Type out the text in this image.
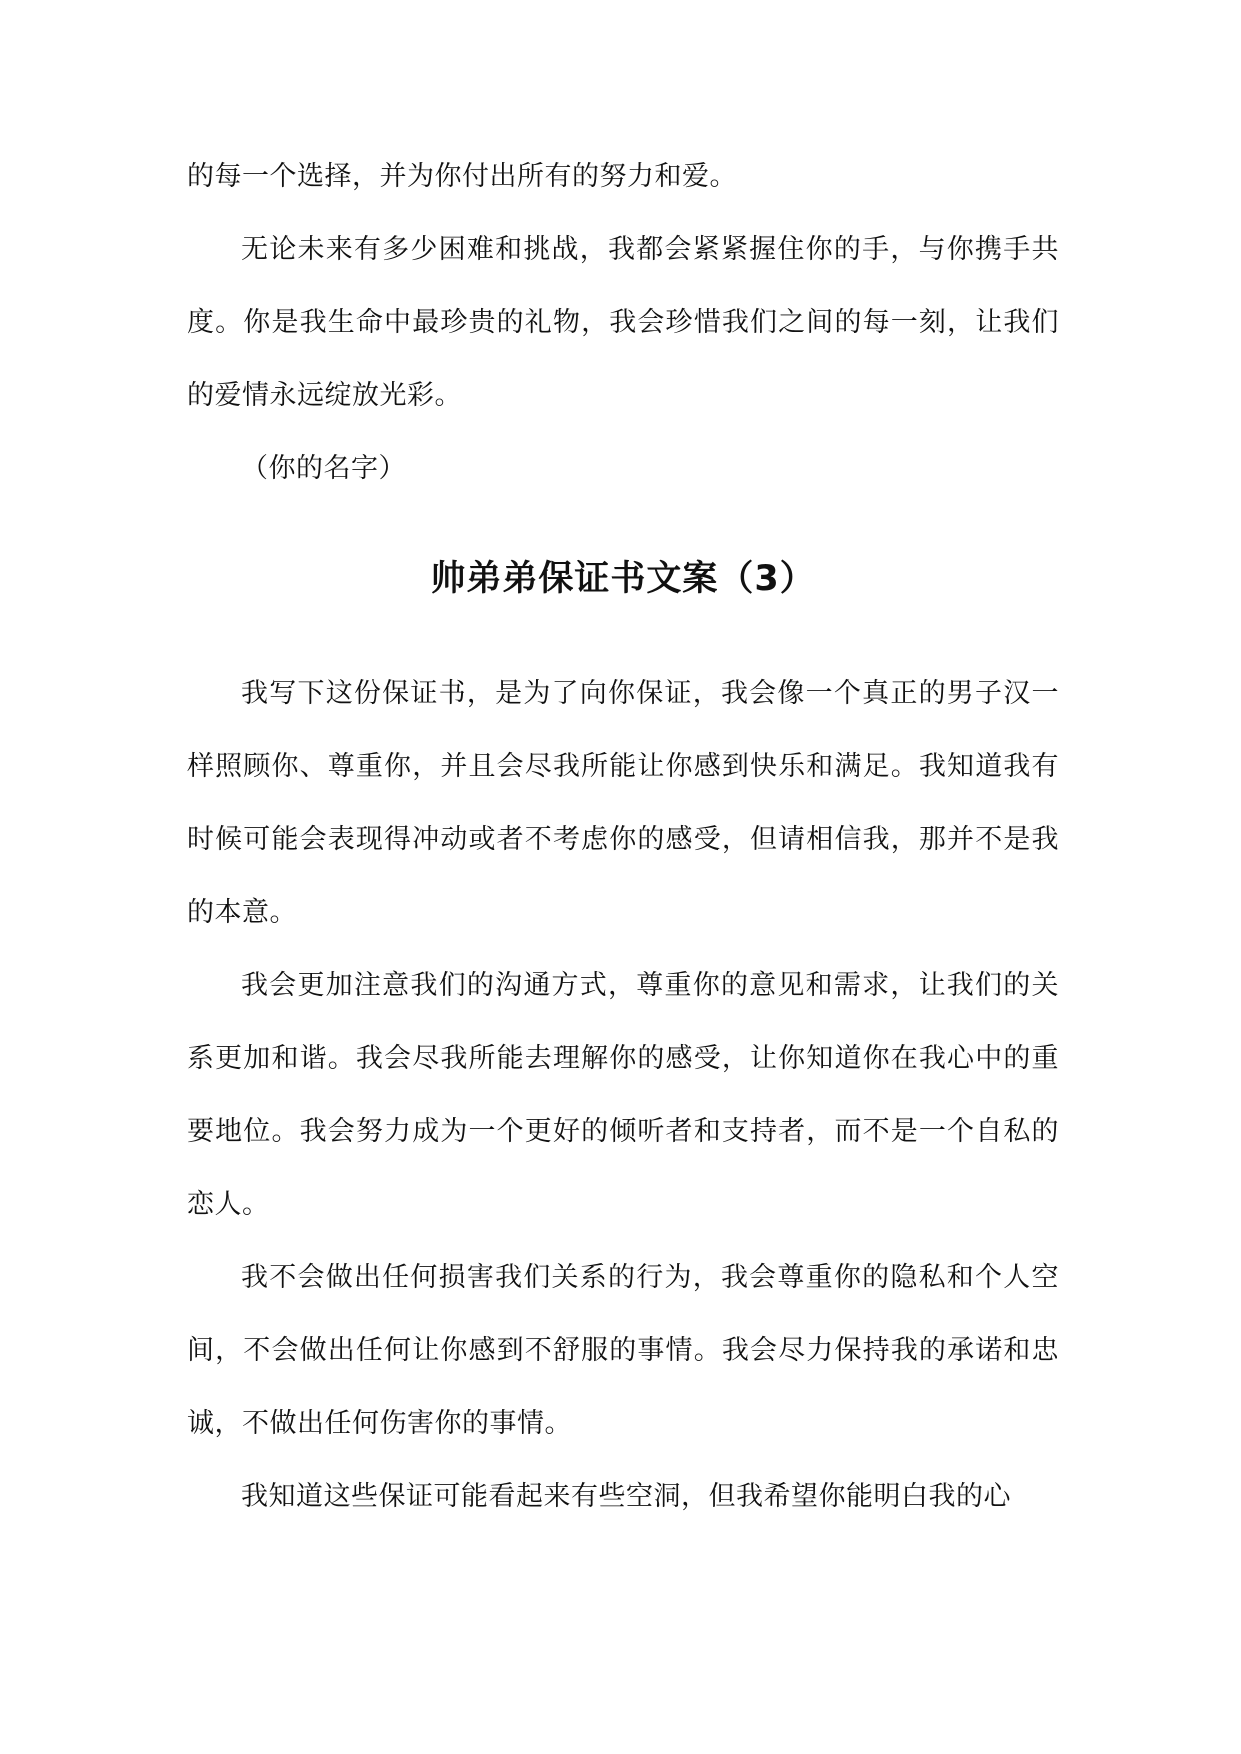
的每一个选择，并为你付出所有的努力和爱。

无论未来有多少困难和挑战，我都会紧紧握住你的手，与你携手共度。你是我生命中最珍贵的礼物，我会珍惜我们之间的每一刻，让我们的爱情永远绽放光彩。

（你的名字）

帅弟弟保证书文案（3）

我写下这份保证书，是为了向你保证，我会像一个真正的男子汉一样照顾你、尊重你，并且会尽我所能让你感到快乐和满足。我知道我有时候可能会表现得冲动或者不考虑你的感受，但请相信我，那并不是我的本意。

我会更加注意我们的沟通方式，尊重你的意见和需求，让我们的关系更加和谐。我会尽我所能去理解你的感受，让你知道你在我心中的重要地位。我会努力成为一个更好的倾听者和支持者，而不是一个自私的恋人。

我不会做出任何损害我们关系的行为，我会尊重你的隐私和个人空间，不会做出任何让你感到不舒服的事情。我会尽力保持我的承诺和忠诚，不做出任何伤害你的事情。

我知道这些保证可能看起来有些空洞，但我希望你能明白我的心
